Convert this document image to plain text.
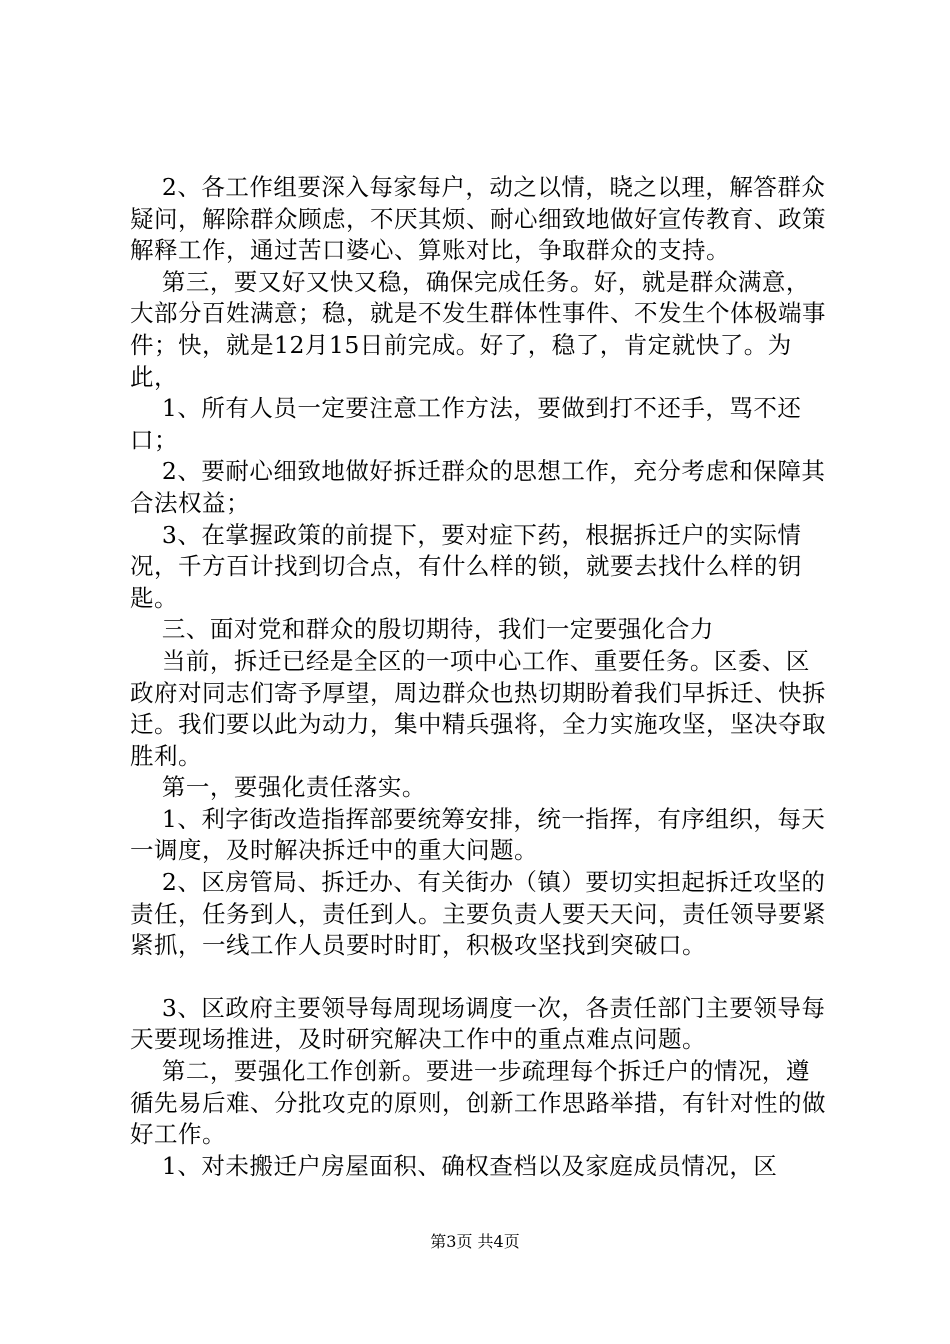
2、各工作组要深入每家每户，动之以情，晓之以理，解答群众疑问，解除群众顾虑，不厌其烦、耐心细致地做好宣传教育、政策解释工作，通过苦口婆心、算账对比，争取群众的支持。

第三，要又好又快又稳，确保完成任务。好，就是群众满意，大部分百姓满意；稳，就是不发生群体性事件、不发生个体极端事件；快，就是12月15日前完成。好了，稳了，肯定就快了。为此，

1、所有人员一定要注意工作方法，要做到打不还手，骂不还口；

2、要耐心细致地做好拆迁群众的思想工作，充分考虑和保障其合法权益；

3、在掌握政策的前提下，要对症下药，根据拆迁户的实际情况，千方百计找到切合点，有什么样的锁，就要去找什么样的钥匙。

三、面对党和群众的殷切期待，我们一定要强化合力

当前，拆迁已经是全区的一项中心工作、重要任务。区委、区政府对同志们寄予厚望，周边群众也热切期盼着我们早拆迁、快拆迁。我们要以此为动力，集中精兵强将，全力实施攻坚，坚决夺取胜利。

第一，要强化责任落实。

1、利字街改造指挥部要统筹安排，统一指挥，有序组织，每天一调度，及时解决拆迁中的重大问题。

2、区房管局、拆迁办、有关街办（镇）要切实担起拆迁攻坚的责任，任务到人，责任到人。主要负责人要天天问，责任领导要紧紧抓，一线工作人员要时时盯，积极攻坚找到突破口。

3、区政府主要领导每周现场调度一次，各责任部门主要领导每天要现场推进，及时研究解决工作中的重点难点问题。

第二，要强化工作创新。要进一步疏理每个拆迁户的情况，遵循先易后难、分批攻克的原则，创新工作思路举措，有针对性的做好工作。

1、对未搬迁户房屋面积、确权查档以及家庭成员情况，区

第3页 共4页
